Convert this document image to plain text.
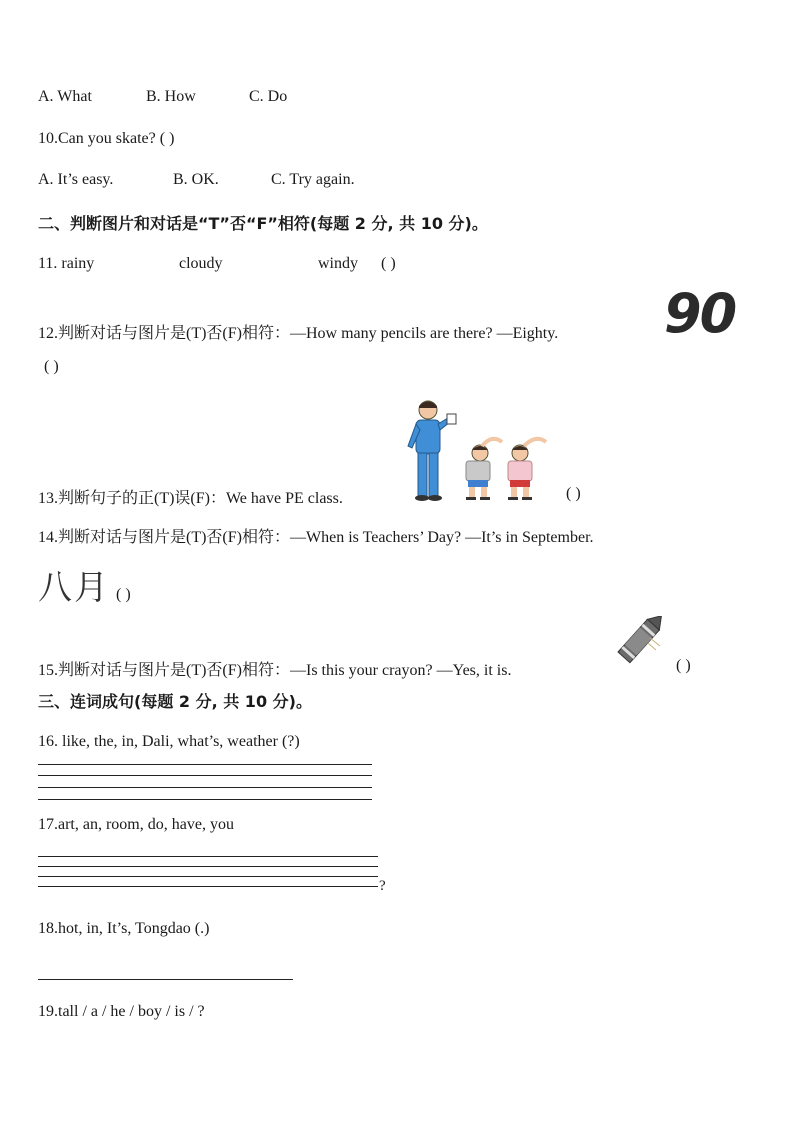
A. What	B. How	C. Do
10.Can you skate? ( )
A. It’s easy.	B. OK.	C. Try again.
二、判断图片和对话是“T”否“F”相符(每题 2 分, 共 10 分)。
11. rainy	cloudy	windy ( )
12.判断对话与图片是(T)否(F)相符：—How many pencils are there? —Eighty. 90
( )
13.判断句子的正(T)误(F)：We have PE class.	( )
14.判断对话与图片是(T)否(F)相符：—When is Teachers’ Day? —It’s in September.
八月 ( )
15.判断对话与图片是(T)否(F)相符：—Is this your crayon? —Yes, it is.	( )
三、连词成句(每题 2 分, 共 10 分)。
16. like, the, in, Dali, what’s, weather (?)
17.art, an, room, do, have, you
?
18.hot, in, It’s, Tongdao (.)
19.tall / a / he / boy / is / ?
